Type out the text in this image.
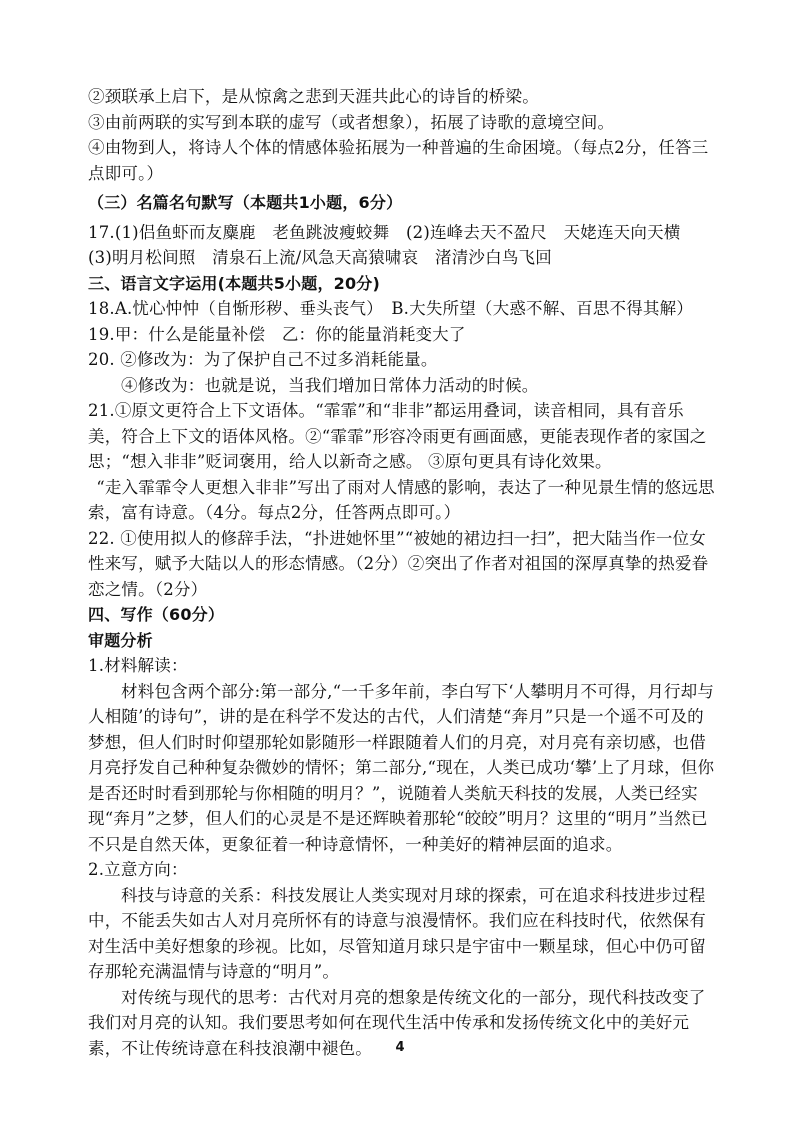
②颈联承上启下，是从惊禽之悲到天涯共此心的诗旨的桥梁。

③由前两联的实写到本联的虚写（或者想象），拓展了诗歌的意境空间。

④由物到人，将诗人个体的情感体验拓展为一种普遍的生命困境。（每点2分，任答三点即可。）

（三）名篇名句默写（本题共1小题，6分）

17.(1)侣鱼虾而友麋鹿　老鱼跳波瘦蛟舞　(2)连峰去天不盈尺　天姥连天向天横　(3)明月松间照　清泉石上流/风急天高猿啸哀　渚清沙白鸟飞回

三、语言文字运用(本题共5小题，20分)

18.A.忧心忡忡（自惭形秽、垂头丧气）　B.大失所望（大惑不解、百思不得其解）

19.甲：什么是能量补偿　乙：你的能量消耗变大了

20. ②修改为：为了保护自己不过多消耗能量。

④修改为：也就是说，当我们增加日常体力活动的时候。

21.①原文更符合上下文语体。“霏霏”和“非非”都运用叠词，读音相同，具有音乐美，符合上下文的语体风格。②“霏霏”形容冷雨更有画面感，更能表现作者的家国之思；“想入非非”贬词褒用，给人以新奇之感。 ③原句更具有诗化效果。

“走入霏霏令人更想入非非”写出了雨对人情感的影响，表达了一种见景生情的悠远思索，富有诗意。（4分。每点2分，任答两点即可。）

22. ①使用拟人的修辞手法，“扑进她怀里”“被她的裙边扫一扫”，把大陆当作一位女性来写，赋予大陆以人的形态情感。（2分）②突出了作者对祖国的深厚真挚的热爱眷恋之情。（2分）

四、写作（60分）

审题分析

1.材料解读：

材料包含两个部分:第一部分,“一千多年前，李白写下‘人攀明月不可得，月行却与人相随’的诗句”，讲的是在科学不发达的古代，人们清楚“奔月”只是一个遥不可及的梦想，但人们时时仰望那轮如影随形一样跟随着人们的月亮，对月亮有亲切感，也借月亮抒发自己种种复杂微妙的情怀；第二部分,“现在，人类已成功‘攀’上了月球，但你是否还时时看到那轮与你相随的明月？”，说随着人类航天科技的发展，人类已经实现“奔月”之梦，但人们的心灵是不是还辉映着那轮“皎皎”明月？这里的“明月”当然已不只是自然天体，更象征着一种诗意情怀，一种美好的精神层面的追求。

2.立意方向：

科技与诗意的关系：科技发展让人类实现对月球的探索，可在追求科技进步过程中，不能丢失如古人对月亮所怀有的诗意与浪漫情怀。我们应在科技时代，依然保有对生活中美好想象的珍视。比如，尽管知道月球只是宇宙中一颗星球，但心中仍可留存那轮充满温情与诗意的“明月”。

对传统与现代的思考：古代对月亮的想象是传统文化的一部分，现代科技改变了我们对月亮的认知。我们要思考如何在现代生活中传承和发扬传统文化中的美好元素，不让传统诗意在科技浪潮中褪色。	4
